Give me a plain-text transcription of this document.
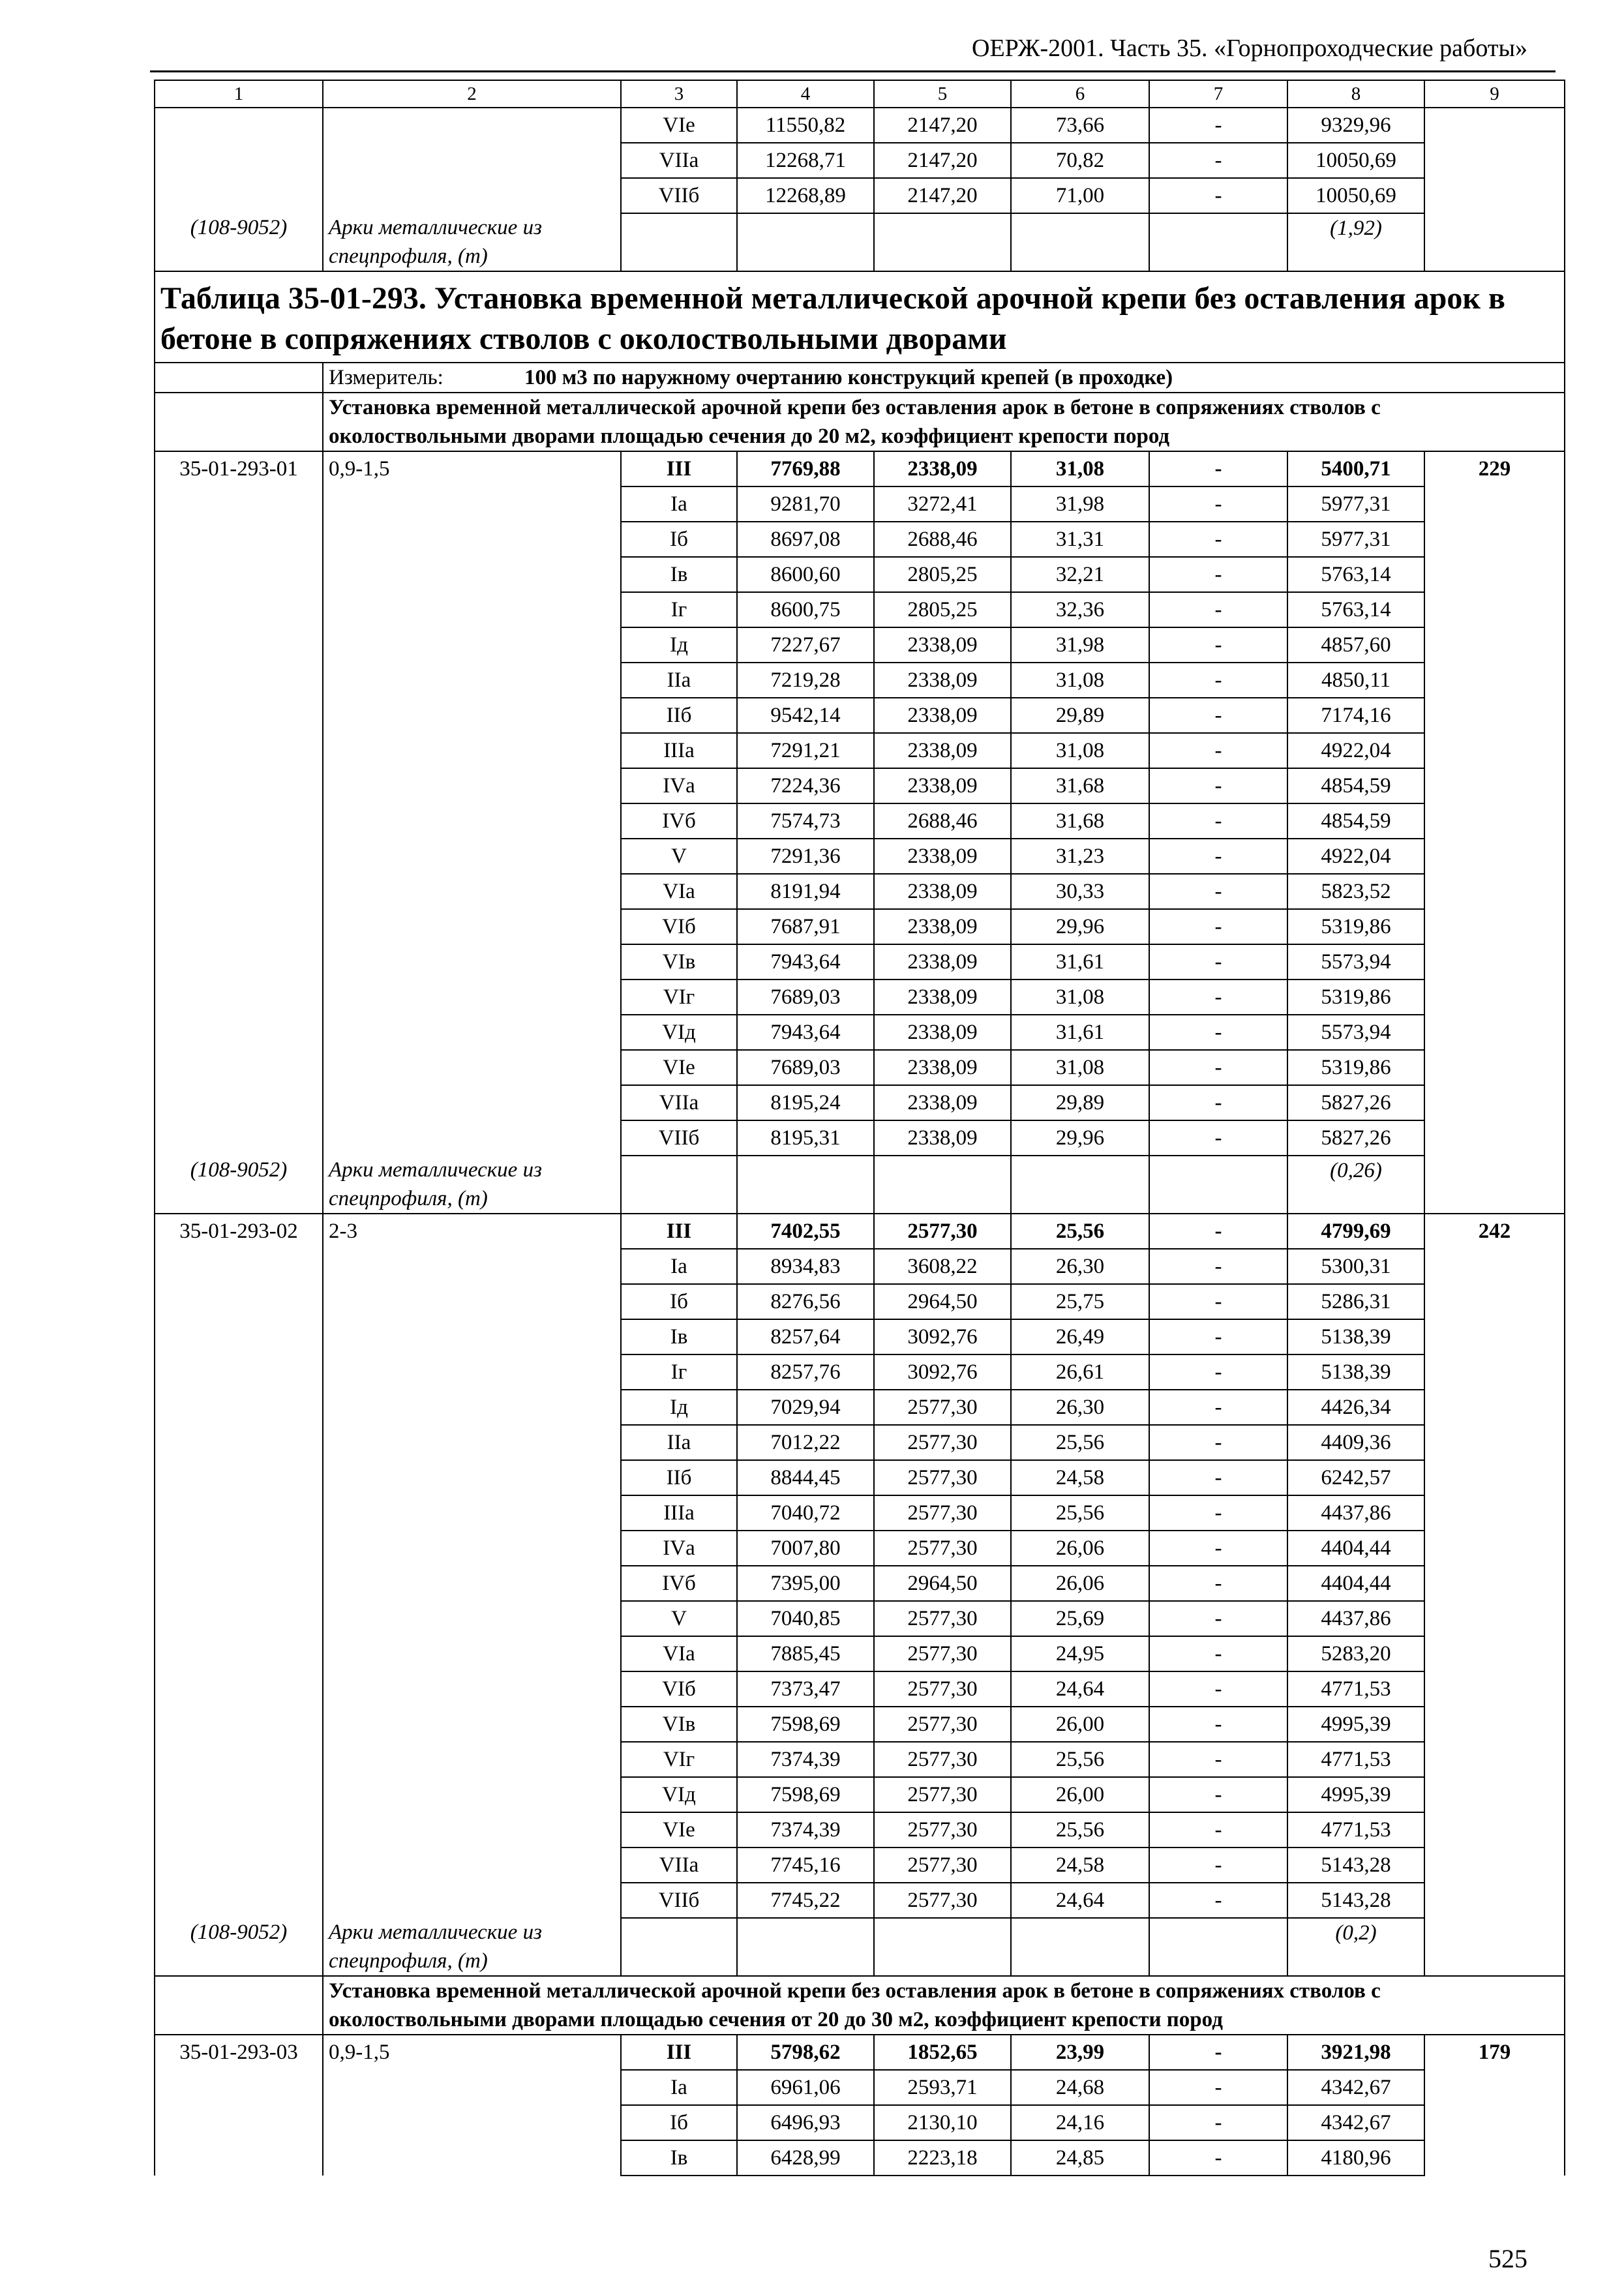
ОЕРЖ-2001. Часть 35. «Горнопроходческие работы»
1	2	3	4	5	6	7	8	9
		VIе	11550,82	2147,20	73,66	-	9329,96	
		VIIа	12268,71	2147,20	70,82	-	10050,69	
		VIIб	12268,89	2147,20	71,00	-	10050,69	
(108-9052)	Арки металлические из спецпрофиля, (т)						(1,92)	
Таблица 35-01-293. Установка временной металлической арочной крепи без оставления арок в бетоне в сопряжениях стволов с околоствольными дворами								
	Измеритель: 100 м3 по наружному очертанию конструкций крепей (в проходке)							
	Установка временной металлической арочной крепи без оставления арок в бетоне в сопряжениях стволов с околоствольными дворами площадью сечения до 20 м2, коэффициент крепости пород							
35-01-293-01	0,9-1,5	III	7769,88	2338,09	31,08	-	5400,71	229
		Iа	9281,70	3272,41	31,98	-	5977,31	
		Iб	8697,08	2688,46	31,31	-	5977,31	
		Iв	8600,60	2805,25	32,21	-	5763,14	
		Iг	8600,75	2805,25	32,36	-	5763,14	
		Iд	7227,67	2338,09	31,98	-	4857,60	
		IIа	7219,28	2338,09	31,08	-	4850,11	
		IIб	9542,14	2338,09	29,89	-	7174,16	
		IIIа	7291,21	2338,09	31,08	-	4922,04	
		IVа	7224,36	2338,09	31,68	-	4854,59	
		IVб	7574,73	2688,46	31,68	-	4854,59	
		V	7291,36	2338,09	31,23	-	4922,04	
		VIа	8191,94	2338,09	30,33	-	5823,52	
		VIб	7687,91	2338,09	29,96	-	5319,86	
		VIв	7943,64	2338,09	31,61	-	5573,94	
		VIг	7689,03	2338,09	31,08	-	5319,86	
		VIд	7943,64	2338,09	31,61	-	5573,94	
		VIе	7689,03	2338,09	31,08	-	5319,86	
		VIIа	8195,24	2338,09	29,89	-	5827,26	
		VIIб	8195,31	2338,09	29,96	-	5827,26	
(108-9052)	Арки металлические из спецпрофиля, (т)						(0,26)	
35-01-293-02	2-3	III	7402,55	2577,30	25,56	-	4799,69	242
		Iа	8934,83	3608,22	26,30	-	5300,31	
		Iб	8276,56	2964,50	25,75	-	5286,31	
		Iв	8257,64	3092,76	26,49	-	5138,39	
		Iг	8257,76	3092,76	26,61	-	5138,39	
		Iд	7029,94	2577,30	26,30	-	4426,34	
		IIа	7012,22	2577,30	25,56	-	4409,36	
		IIб	8844,45	2577,30	24,58	-	6242,57	
		IIIа	7040,72	2577,30	25,56	-	4437,86	
		IVа	7007,80	2577,30	26,06	-	4404,44	
		IVб	7395,00	2964,50	26,06	-	4404,44	
		V	7040,85	2577,30	25,69	-	4437,86	
		VIа	7885,45	2577,30	24,95	-	5283,20	
		VIб	7373,47	2577,30	24,64	-	4771,53	
		VIв	7598,69	2577,30	26,00	-	4995,39	
		VIг	7374,39	2577,30	25,56	-	4771,53	
		VIд	7598,69	2577,30	26,00	-	4995,39	
		VIе	7374,39	2577,30	25,56	-	4771,53	
		VIIа	7745,16	2577,30	24,58	-	5143,28	
		VIIб	7745,22	2577,30	24,64	-	5143,28	
(108-9052)	Арки металлические из спецпрофиля, (т)						(0,2)	
	Установка временной металлической арочной крепи без оставления арок в бетоне в сопряжениях стволов с околоствольными дворами площадью сечения от 20 до 30 м2, коэффициент крепости пород							
35-01-293-03	0,9-1,5	III	5798,62	1852,65	23,99	-	3921,98	179
		Iа	6961,06	2593,71	24,68	-	4342,67	
		Iб	6496,93	2130,10	24,16	-	4342,67	
		Iв	6428,99	2223,18	24,85	-	4180,96	
525
